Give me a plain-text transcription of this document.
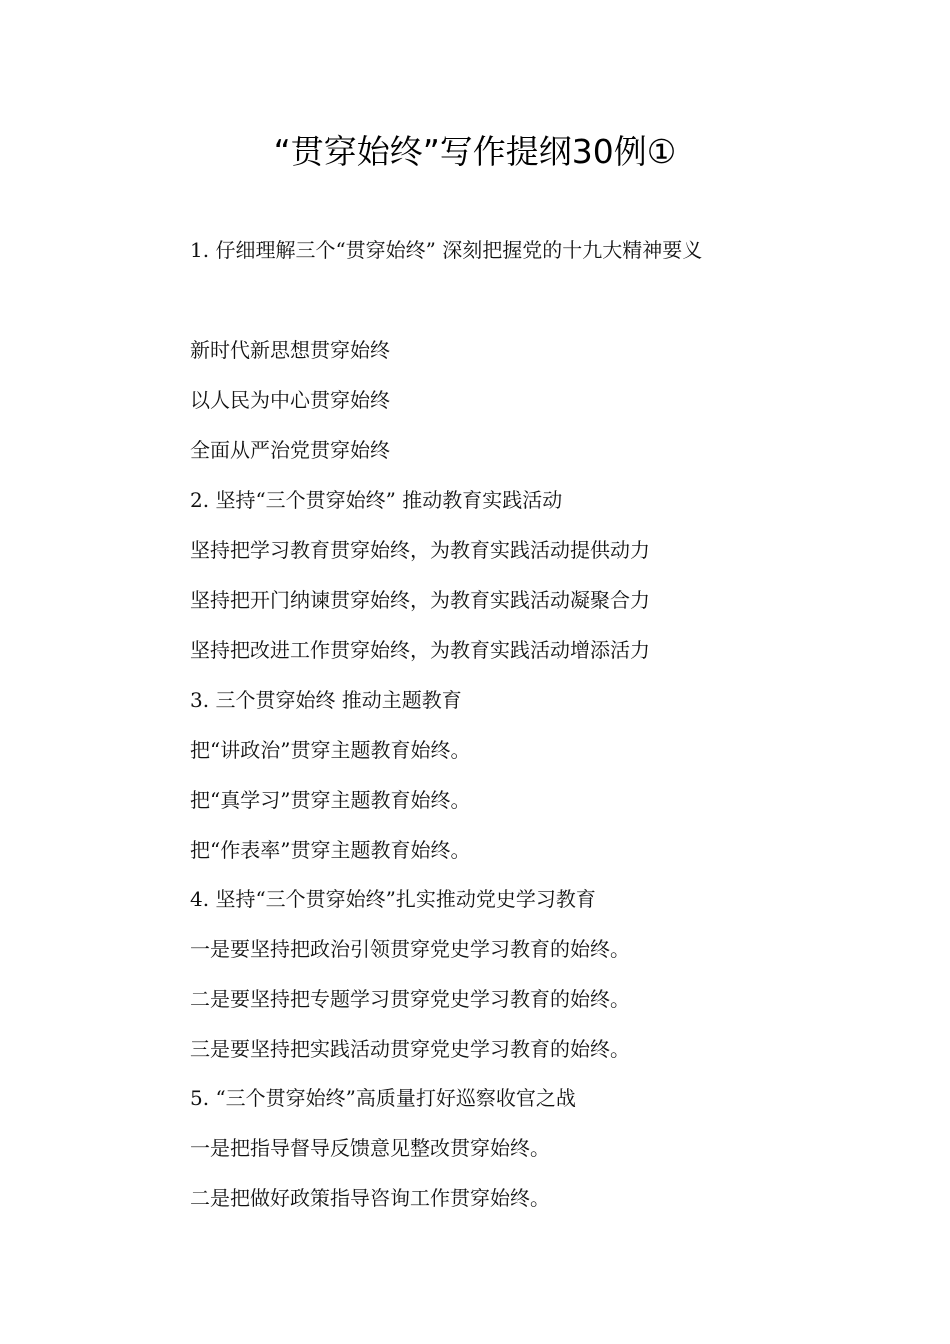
“贯穿始终”写作提纲30例①

1. 仔细理解三个“贯穿始终” 深刻把握党的十九大精神要义

新时代新思想贯穿始终

以人民为中心贯穿始终

全面从严治党贯穿始终

2. 坚持“三个贯穿始终” 推动教育实践活动

坚持把学习教育贯穿始终，为教育实践活动提供动力

坚持把开门纳谏贯穿始终，为教育实践活动凝聚合力

坚持把改进工作贯穿始终，为教育实践活动增添活力

3. 三个贯穿始终 推动主题教育

把“讲政治”贯穿主题教育始终。

把“真学习”贯穿主题教育始终。

把“作表率”贯穿主题教育始终。

4. 坚持“三个贯穿始终”扎实推动党史学习教育

一是要坚持把政治引领贯穿党史学习教育的始终。

二是要坚持把专题学习贯穿党史学习教育的始终。

三是要坚持把实践活动贯穿党史学习教育的始终。

5. “三个贯穿始终”高质量打好巡察收官之战

一是把指导督导反馈意见整改贯穿始终。

二是把做好政策指导咨询工作贯穿始终。
